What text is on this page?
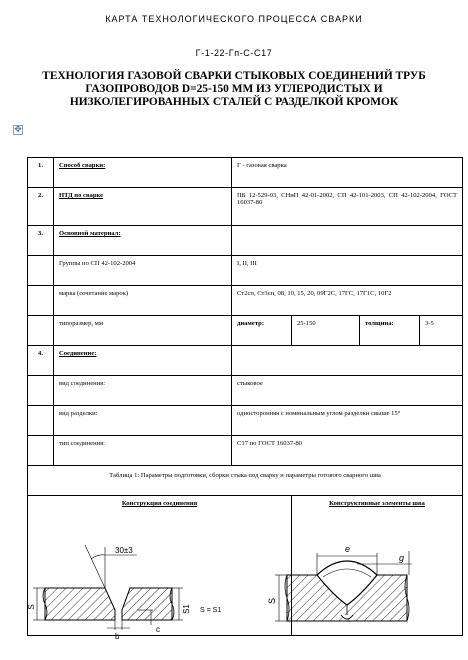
КАРТА ТЕХНОЛОГИЧЕСКОГО ПРОЦЕССА СВАРКИ
Г-1-22-Гп-С-С17
ТЕХНОЛОГИЯ ГАЗОВОЙ СВАРКИ СТЫКОВЫХ СОЕДИНЕНИЙ ТРУБ
ГАЗОПРОВОДОВ D=25-150 ММ ИЗ УГЛЕРОДИСТЫХ И
НИЗКОЛЕГИРОВАННЫХ СТАЛЕЙ С РАЗДЕЛКОЙ КРОМОК
✥
1.	Способ сварки:	Г - газовая сварка			
2.	НТД по сварке	ПБ 12-529-03, СНиП 42-01-2002, СП 42-101-2003, СП 42-102-2004, ГОСТ 16037-80			
3.	Основной материал:				
	Группы по СП 42-102-2004	I, II, III			
	марка (сочетание марок)	Ст2сп, Ст3сп, 08, 10, 15, 20, 09Г2С, 17ГС, 17Г1С, 10Г2			
	типоразмер, мм	диаметр:	25-150	толщина:	3-5
4.	Соединение:				
	вид соединения:	стыковое			
	вид разделки:	односторонняя с номинальным углом разделки свыше 15°			
	тип соединения:	С17 по ГОСТ 16037-80			
Таблица 1: Параметры подготовки, сборки стыка под сварку и параметры готового сварного шва					
Конструкция соединения			Конструктивные элементы шва		
S	S1
30±3
b
c
S = S1
e
g
S
